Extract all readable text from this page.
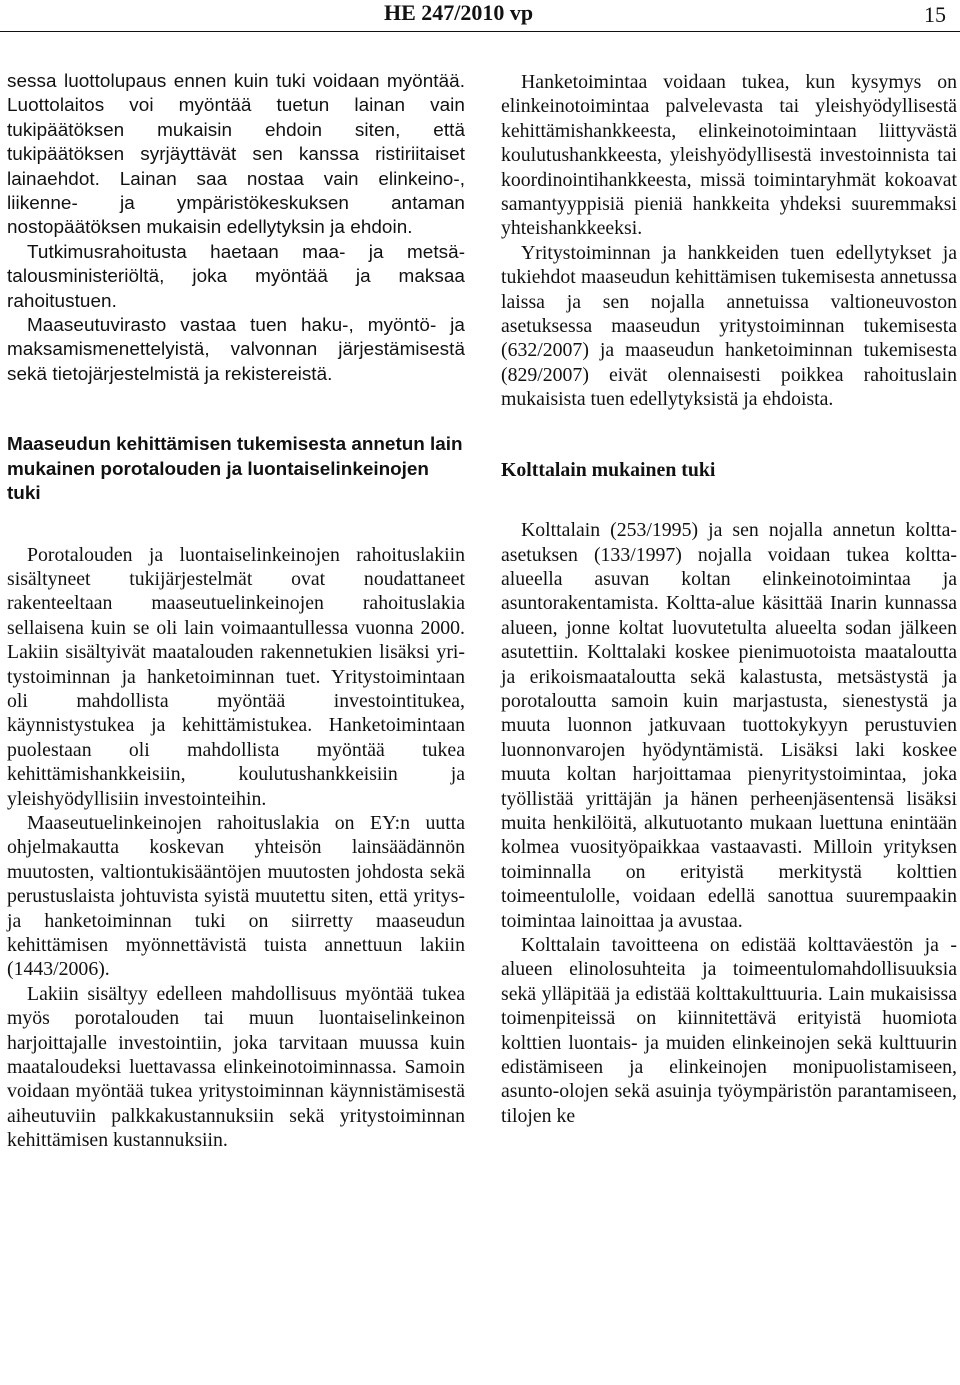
HE 247/2010 vp	15

sessa luottolupaus ennen kuin tuki voidaan myöntää. Luottolaitos voi myöntää tuetun lainan vain tukipäätöksen mukaisin ehdoin siten, että tukipäätöksen syrjäyttävät sen kanssa ristiriitaiset lainaehdot. Lainan saa nostaa vain elinkeino-, liikenne- ja ympäristökeskuksen antaman nostopäätöksen mukaisin edellytyksin ja ehdoin.

Tutkimusrahoitusta haetaan maa- ja metsätalousministeriöltä, joka myöntää ja maksaa rahoitustuen.

Maaseutuvirasto vastaa tuen haku-, myöntö- ja maksamismenettelyistä, valvonnan järjestämisestä sekä tietojärjestelmistä ja rekistereistä.

Maaseudun kehittämisen tukemisesta annetun lain mukainen porotalouden ja luontaiselinkeinojen tuki

Porotalouden ja luontaiselinkeinojen rahoituslakiin sisältyneet tukijärjestelmät ovat noudattaneet rakenteeltaan maaseutuelinkeinojen rahoituslakia sellaisena kuin se oli lain voimaantullessa vuonna 2000. Lakiin sisältyivät maatalouden rakennetukien lisäksi yritystoiminnan ja hanketoiminnan tuet. Yritystoimintaan oli mahdollista myöntää investointitukea, käynnistystukea ja kehittämistukea. Hanketoimintaan puolestaan oli mahdollista myöntää tukea kehittämishankkeisiin, koulutushankkeisiin ja yleishyödyllisiin investointeihin.

Maaseutuelinkeinojen rahoituslakia on EY:n uutta ohjelmakautta koskevan yhteisön lainsäädännön muutosten, valtiontukisääntöjen muutosten johdosta sekä perustuslaista johtuvista syistä muutettu siten, että yritys- ja hanketoiminnan tuki on siirretty maaseudun kehittämisen myönnettävistä tuista annettuun lakiin (1443/2006).

Lakiin sisältyy edelleen mahdollisuus myöntää tukea myös porotalouden tai muun luontaiselinkeinon harjoittajalle investointiin, joka tarvitaan muussa kuin maataloudeksi luettavassa elinkeinotoiminnassa. Samoin voidaan myöntää tukea yritystoiminnan käynnistämisestä aiheutuviin palkkakustannuksiin sekä yritystoiminnan kehittämisen kustannuksiin.

Hanketoimintaa voidaan tukea, kun kysymys on elinkeinotoimintaa palvelevasta tai yleishyödyllisestä kehittämishankkeesta, elinkeinotoimintaan liittyvästä koulutushankkeesta, yleishyödyllisestä investoinnista tai koordinointihankkeesta, missä toimintaryhmät kokoavat samantyyppisiä pieniä hankkeita yhdeksi suuremmaksi yhteishankkeeksi.

Yritystoiminnan ja hankkeiden tuen edellytykset ja tukiehdot maaseudun kehittämisen tukemisesta annetussa laissa ja sen nojalla annetuissa valtioneuvoston asetuksessa maaseudun yritystoiminnan tukemisesta (632/2007) ja maaseudun hanketoiminnan tukemisesta (829/2007) eivät olennaisesti poikkea rahoituslain mukaisista tuen edellytyksistä ja ehdoista.

Kolttalain mukainen tuki

Kolttalain (253/1995) ja sen nojalla annetun koltta-asetuksen (133/1997) nojalla voidaan tukea koltta-alueella asuvan koltan elinkeinotoimintaa ja asuntorakentamista. Koltta-alue käsittää Inarin kunnassa alueen, jonne koltat luovutetulta alueelta sodan jälkeen asutettiin. Kolttalaki koskee pienimuotoista maataloutta ja erikoismaataloutta sekä kalastusta, metsästystä ja porotaloutta samoin kuin marjastusta, sienestystä ja muuta luonnon jatkuvaan tuottokykyyn perustuvien luonnonvarojen hyödyntämistä. Lisäksi laki koskee muuta koltan harjoittamaa pienyritystoimintaa, joka työllistää yrittäjän ja hänen perheenjäsentensä lisäksi muita henkilöitä, alkutuotanto mukaan luettuna enintään kolmea vuosityöpaikkaa vastaavasti. Milloin yrityksen toiminnalla on erityistä merkitystä kolttien toimeentulolle, voidaan edellä sanottua suurempaakin toimintaa lainoittaa ja avustaa.

Kolttalain tavoitteena on edistää kolttaväestön ja -alueen elinolosuhteita ja toimeentulomahdollisuuksia sekä ylläpitää ja edistää kolttakulttuuria. Lain mukaisissa toimenpiteissä on kiinnitettävä erityistä huomiota kolttien luontais- ja muiden elinkeinojen sekä kulttuurin edistämiseen ja elinkeinojen monipuolistamiseen, asunto-olojen sekä asuinja työympäristön parantamiseen, tilojen ke
